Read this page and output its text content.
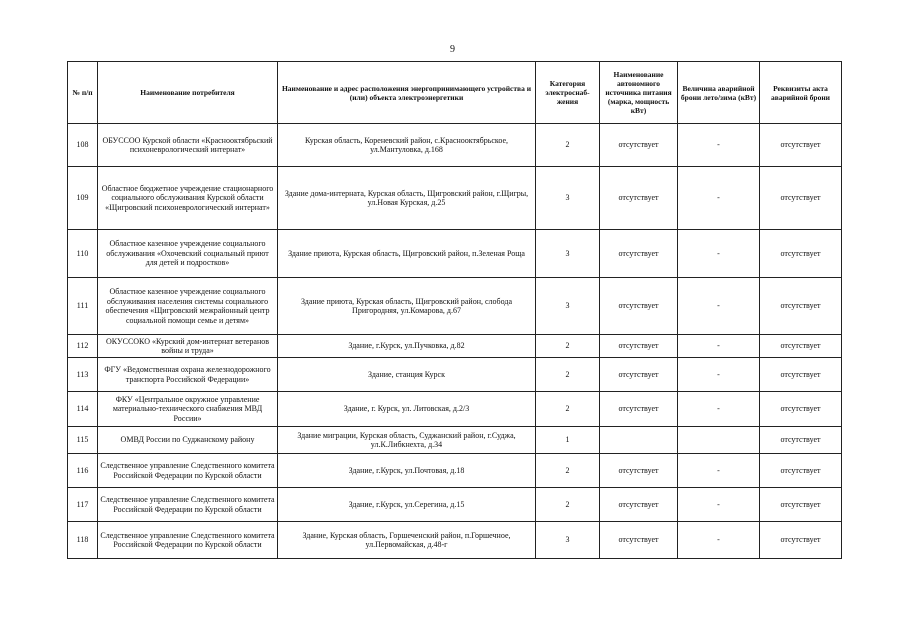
9
№ п/п	Наименование потребителя	Наименование и адрес расположения энергопринимающего устройства и (или) объекта электроэнергетики	Категория электроснаб-жения	Наименование автономного источника питания (марка, мощность кВт)	Величина аварийной брони лето/зима (кВт)	Реквизиты акта аварийной брони
108	ОБУССОО Курской области «Краснооктябрьский психоневрологический интернат»	Курская область, Кореневский район, с.Краснооктябрьское, ул.Мантуловка, д.168	2	отсутствует	-	отсутствует
109	Областное бюджетное учреждение стационарного социального обслуживания Курской области «Щигровский психоневрологический интернат»	Здание дома-интерната, Курская область, Щигровский район, г.Щигры, ул.Новая Курская, д.25	3	отсутствует	-	отсутствует
110	Областное казенное учреждение социального обслуживания «Охочевский социальный приют для детей и подростков»	Здание приюта, Курская область, Щигровский район, п.Зеленая Роща	3	отсутствует	-	отсутствует
111	Областное казенное учреждение социального обслуживания населения системы социального обеспечения «Щигровский межрайонный центр социальной помощи семье и детям»	Здание приюта, Курская область, Щигровский район, слобода Пригородняя, ул.Комарова, д.67	3	отсутствует	-	отсутствует
112	ОКУССОКО «Курский дом-интернат ветеранов войны и труда»	Здание, г.Курск, ул.Пучковка, д.82	2	отсутствует	-	отсутствует
113	ФГУ «Ведомственная охрана железнодорожного транспорта Российской Федерации»	Здание, станция Курск	2	отсутствует	-	отсутствует
114	ФКУ «Центральное окружное управление материально-технического снабжения МВД России»	Здание, г. Курск, ул. Литовская, д.2/3	2	отсутствует	-	отсутствует
115	ОМВД России по Суджанскому району	Здание миграции, Курская область, Суджанский район, г.Суджа, ул.К.Либкнехта, д.34	1			отсутствует
116	Следственное управление Следственного комитета Российской Федерации по Курской области	Здание, г.Курск, ул.Почтовая, д.18	2	отсутствует	-	отсутствует
117	Следственное управление Следственного комитета Российской Федерации по Курской области	Здание, г.Курск, ул.Серегина, д.15	2	отсутствует	-	отсутствует
118	Следственное управление Следственного комитета Российской Федерации по Курской области	Здание, Курская область, Горшеченский район, п.Горшечное, ул.Первомайская, д.48-г	3	отсутствует	-	отсутствует
